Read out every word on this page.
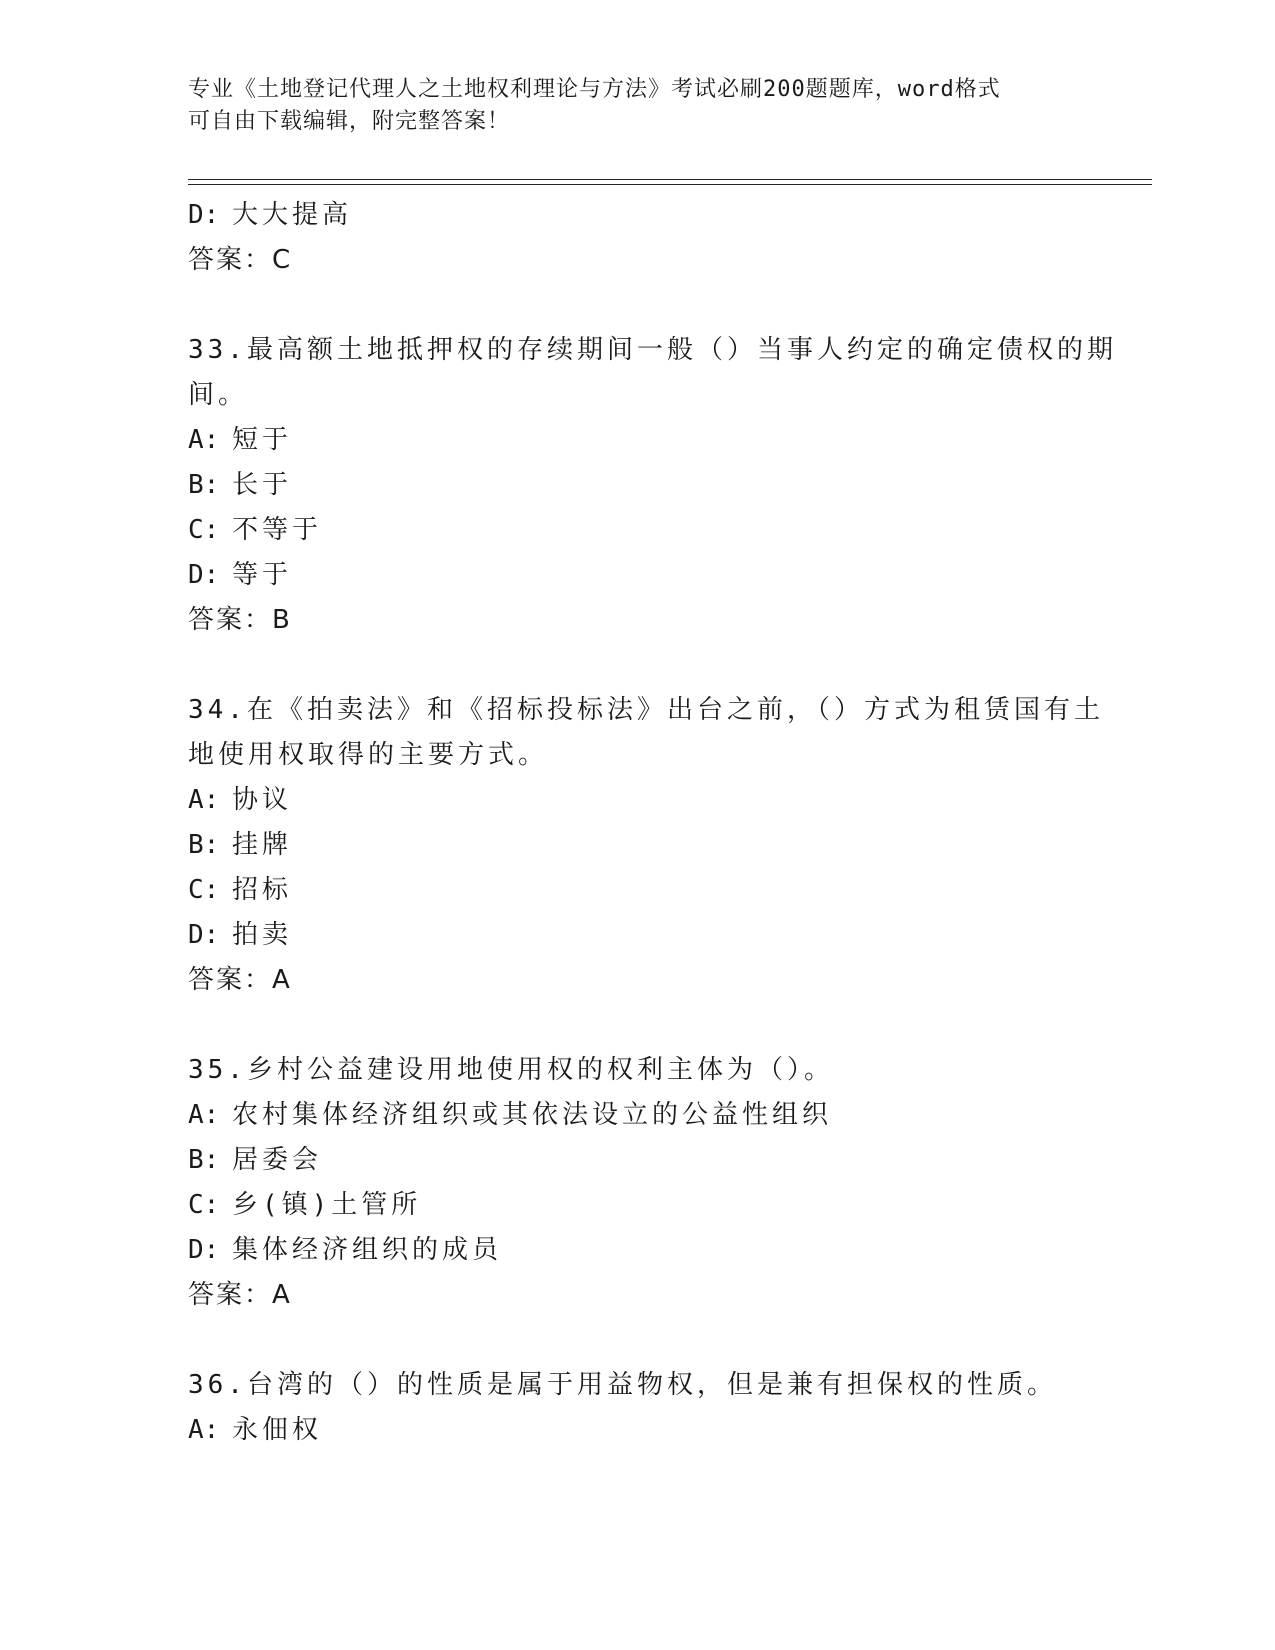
专业《土地登记代理人之土地权利理论与方法》考试必刷200题题库，word格式
可自由下载编辑，附完整答案！
D: 大大提高
答案：C
33.最高额土地抵押权的存续期间一般（）当事人约定的确定债权的期
间。
A: 短于
B: 长于
C: 不等于
D: 等于
答案：B
34.在《拍卖法》和《招标投标法》出台之前，（）方式为租赁国有土
地使用权取得的主要方式。
A: 协议
B: 挂牌
C: 招标
D: 拍卖
答案：A
35.乡村公益建设用地使用权的权利主体为（）。
A: 农村集体经济组织或其依法设立的公益性组织
B: 居委会
C: 乡(镇)土管所
D: 集体经济组织的成员
答案：A
36.台湾的（）的性质是属于用益物权，但是兼有担保权的性质。
A: 永佃权
